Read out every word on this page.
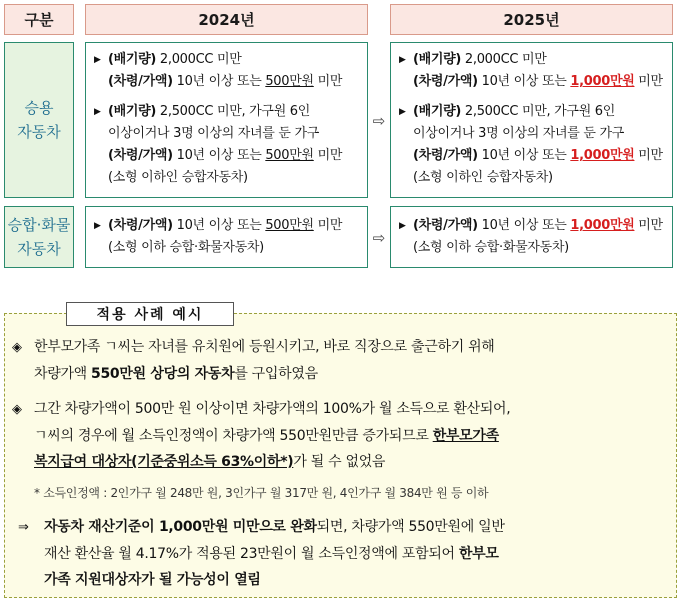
구분	2024년	2025년
승용
자동차
▶ (배기량) 2,000CC 미만
(차령/가액) 10년 이상 또는 500만원 미만
▶ (배기량) 2,500CC 미만, 가구원 6인
이상이거나 3명 이상의 자녀를 둔 가구
(차령/가액) 10년 이상 또는 500만원 미만
(소형 이하인 승합자동차)
⇨
▶ (배기량) 2,000CC 미만
(차령/가액) 10년 이상 또는 1,000만원 미만
▶ (배기량) 2,500CC 미만, 가구원 6인
이상이거나 3명 이상의 자녀를 둔 가구
(차령/가액) 10년 이상 또는 1,000만원 미만
(소형 이하인 승합자동차)
승합·화물
자동차
▶ (차령/가액) 10년 이상 또는 500만원 미만
(소형 이하 승합·화물자동차)
⇨
▶ (차령/가액) 10년 이상 또는 1,000만원 미만
(소형 이하 승합·화물자동차)
적용 사례 예시
◈ 한부모가족 ㄱ씨는 자녀를 유치원에 등원시키고, 바로 직장으로 출근하기 위해
차량가액 550만원 상당의 자동차를 구입하였음
◈ 그간 차량가액이 500만 원 이상이면 차량가액의 100%가 월 소득으로 환산되어,
ㄱ씨의 경우에 월 소득인정액이 차량가액 550만원만큼 증가되므로 한부모가족
복지급여 대상자(기준중위소득 63%이하*)가 될 수 없었음
* 소득인정액 : 2인가구 월 248만 원, 3인가구 월 317만 원, 4인가구 월 384만 원 등 이하
⇒ 자동차 재산기준이 1,000만원 미만으로 완화되면, 차량가액 550만원에 일반
재산 환산율 월 4.17%가 적용된 23만원이 월 소득인정액에 포함되어 한부모
가족 지원대상자가 될 가능성이 열림
